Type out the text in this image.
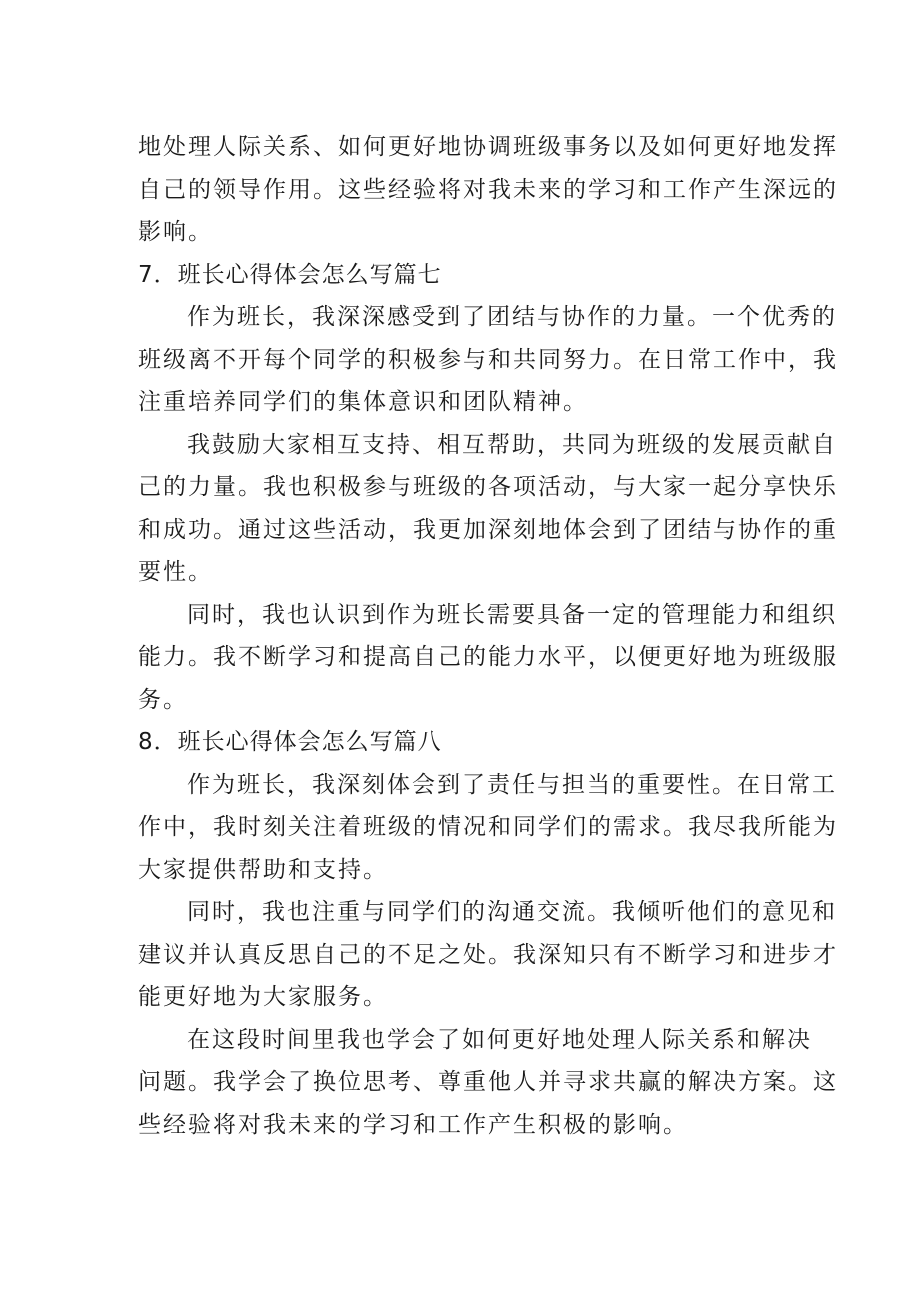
地处理人际关系、如何更好地协调班级事务以及如何更好地发挥
自己的领导作用。这些经验将对我未来的学习和工作产生深远的
影响。
7．班长心得体会怎么写篇七
作为班长，我深深感受到了团结与协作的力量。一个优秀的
班级离不开每个同学的积极参与和共同努力。在日常工作中，我
注重培养同学们的集体意识和团队精神。
我鼓励大家相互支持、相互帮助，共同为班级的发展贡献自
己的力量。我也积极参与班级的各项活动，与大家一起分享快乐
和成功。通过这些活动，我更加深刻地体会到了团结与协作的重
要性。
同时，我也认识到作为班长需要具备一定的管理能力和组织
能力。我不断学习和提高自己的能力水平，以便更好地为班级服
务。
8．班长心得体会怎么写篇八
作为班长，我深刻体会到了责任与担当的重要性。在日常工
作中，我时刻关注着班级的情况和同学们的需求。我尽我所能为
大家提供帮助和支持。
同时，我也注重与同学们的沟通交流。我倾听他们的意见和
建议并认真反思自己的不足之处。我深知只有不断学习和进步才
能更好地为大家服务。
在这段时间里我也学会了如何更好地处理人际关系和解决
问题。我学会了换位思考、尊重他人并寻求共赢的解决方案。这
些经验将对我未来的学习和工作产生积极的影响。
